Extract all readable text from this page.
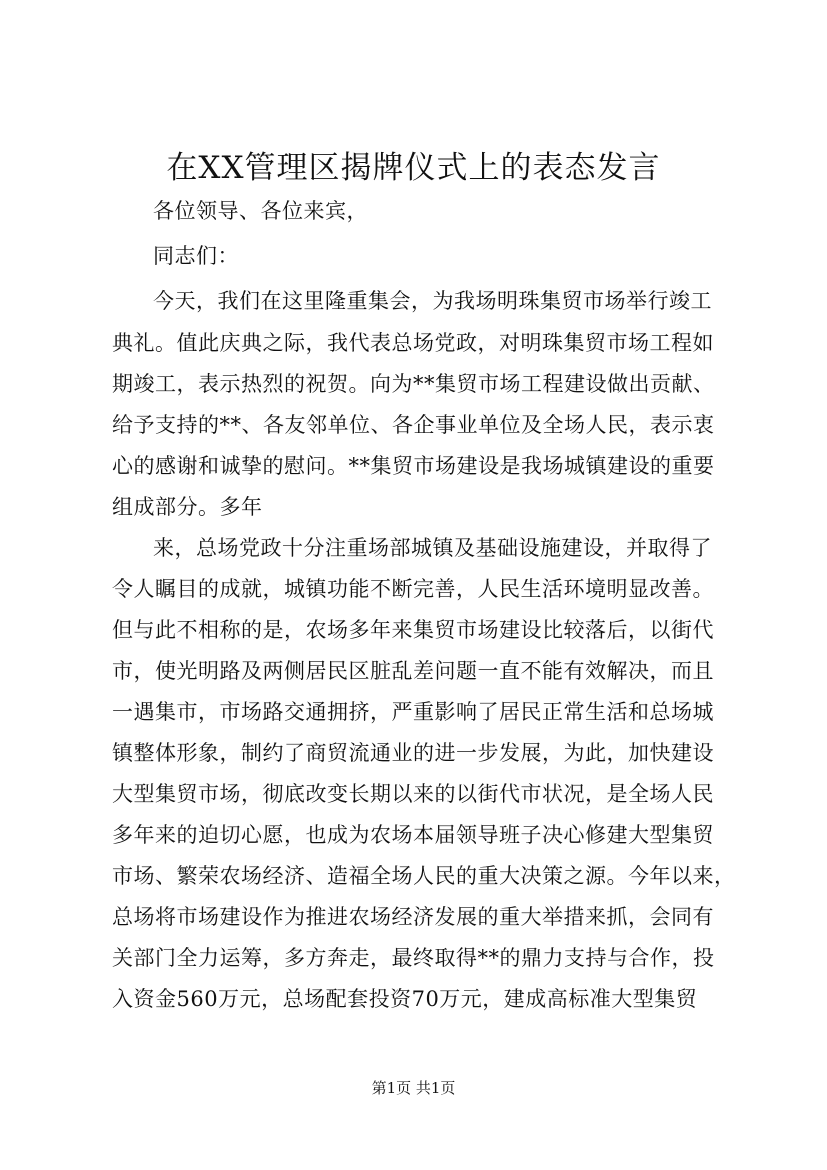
在XX管理区揭牌仪式上的表态发言
各位领导、各位来宾，
同志们：
今天，我们在这里隆重集会，为我场明珠集贸市场举行竣工
典礼。值此庆典之际，我代表总场党政，对明珠集贸市场工程如
期竣工，表示热烈的祝贺。向为**集贸市场工程建设做出贡献、
给予支持的**、各友邻单位、各企事业单位及全场人民，表示衷
心的感谢和诚挚的慰问。**集贸市场建设是我场城镇建设的重要
组成部分。多年
来，总场党政十分注重场部城镇及基础设施建设，并取得了
令人瞩目的成就，城镇功能不断完善，人民生活环境明显改善。
但与此不相称的是，农场多年来集贸市场建设比较落后，以街代
市，使光明路及两侧居民区脏乱差问题一直不能有效解决，而且
一遇集市，市场路交通拥挤，严重影响了居民正常生活和总场城
镇整体形象，制约了商贸流通业的进一步发展，为此，加快建设
大型集贸市场，彻底改变长期以来的以街代市状况，是全场人民
多年来的迫切心愿，也成为农场本届领导班子决心修建大型集贸
市场、繁荣农场经济、造福全场人民的重大决策之源。今年以来，
总场将市场建设作为推进农场经济发展的重大举措来抓，会同有
关部门全力运筹，多方奔走，最终取得**的鼎力支持与合作，投
入资金560万元，总场配套投资70万元，建成高标准大型集贸
第1页 共1页
